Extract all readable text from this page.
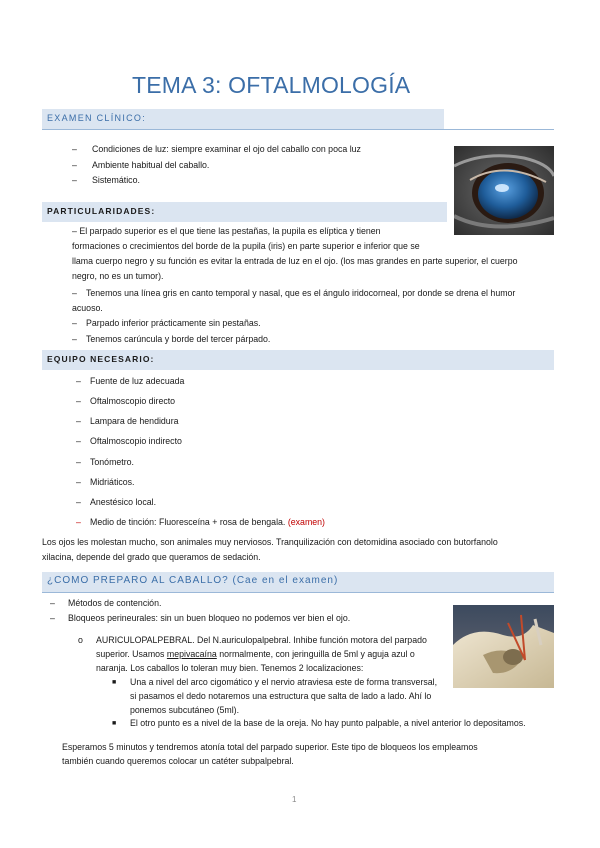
TEMA 3: OFTALMOLOGÍA
EXAMEN CLÍNICO:
– Condiciones de luz: siempre examinar el ojo del caballo con poca luz
– Ambiente habitual del caballo.
– Sistemático.
PARTICULARIDADES:
– El parpado superior es el que tiene las pestañas, la pupila es elíptica y tienen
formaciones o crecimientos del borde de la pupila (iris) en parte superior e inferior que se
llama cuerpo negro y su función es evitar la entrada de luz en el ojo. (los mas grandes en parte superior, el cuerpo
negro, no es un tumor).
– Tenemos una línea gris en canto temporal y nasal, que es el ángulo iridocorneal, por donde se drena el humor
acuoso.
– Parpado inferior prácticamente sin pestañas.
– Tenemos carúncula y borde del tercer párpado.
EQUIPO NECESARIO:
– Fuente de luz adecuada
– Oftalmoscopio directo
– Lampara de hendidura
– Oftalmoscopio indirecto
– Tonómetro.
– Midriáticos.
– Anestésico local.
– Medio de tinción: Fluoresceína + rosa de bengala. (examen)
Los ojos les molestan mucho, son animales muy nerviosos. Tranquilización con detomidina asociado con butorfanolo
xilacina, depende del grado que queramos de sedación.
¿COMO PREPARO AL CABALLO? (Cae en el examen)
– Métodos de contención.
– Bloqueos perineurales: sin un buen bloqueo no podemos ver bien el ojo.
o AURICULOPALPEBRAL. Del N.auriculopalpebral. Inhibe función motora del parpado
superior. Usamos mepivacaína normalmente, con jeringuilla de 5ml y aguja azul o
naranja. Los caballos lo toleran muy bien. Tenemos 2 localizaciones:
■ Una a nivel del arco cigomático y el nervio atraviesa este de forma transversal,
si pasamos el dedo notaremos una estructura que salta de lado a lado. Ahí lo
ponemos subcutáneo (5ml).
■ El otro punto es a nivel de la base de la oreja. No hay punto palpable, a nivel anterior lo depositamos.
Esperamos 5 minutos y tendremos atonía total del parpado superior. Este tipo de bloqueos los empleamos
también cuando queremos colocar un catéter subpalpebral.
1
